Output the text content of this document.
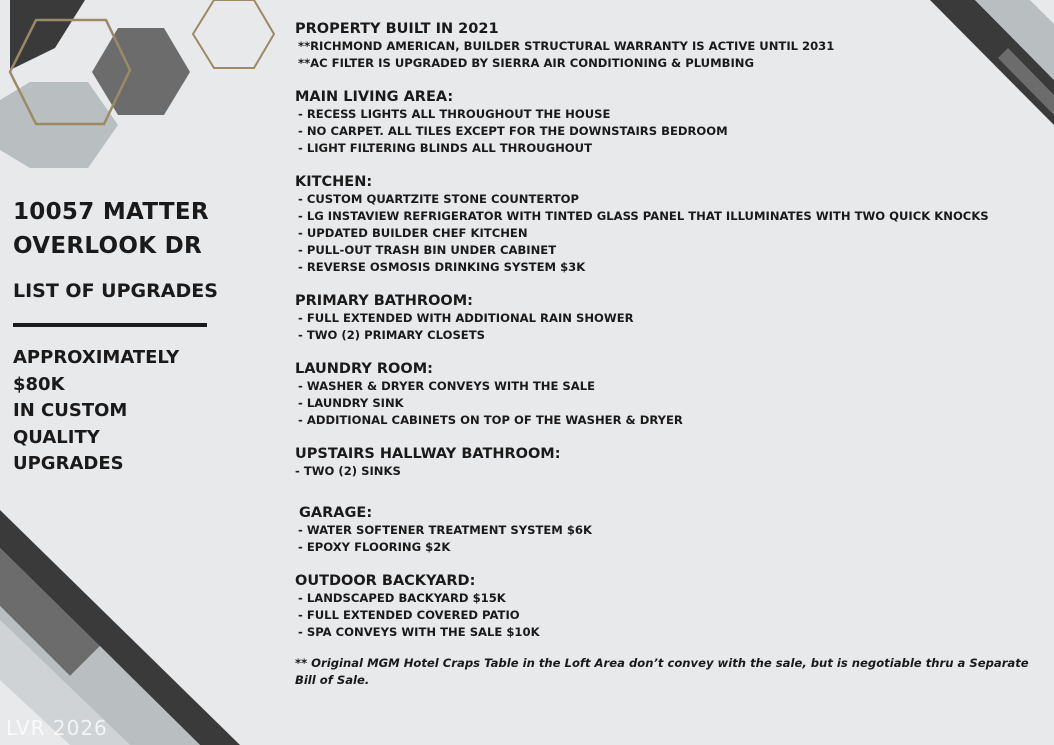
10057 MATTER
OVERLOOK DR
LIST OF UPGRADES
APPROXIMATELY
$80K
IN CUSTOM
QUALITY
UPGRADES
PROPERTY BUILT IN 2021
**RICHMOND AMERICAN, BUILDER STRUCTURAL WARRANTY IS ACTIVE UNTIL 2031
**AC FILTER IS UPGRADED BY SIERRA AIR CONDITIONING & PLUMBING
MAIN LIVING AREA:
- RECESS LIGHTS ALL THROUGHOUT THE HOUSE
- NO CARPET. ALL TILES EXCEPT FOR THE DOWNSTAIRS BEDROOM
- LIGHT FILTERING BLINDS ALL THROUGHOUT
KITCHEN:
- CUSTOM QUARTZITE STONE COUNTERTOP
- LG INSTAVIEW REFRIGERATOR WITH TINTED GLASS PANEL THAT ILLUMINATES WITH TWO QUICK KNOCKS
- UPDATED BUILDER CHEF KITCHEN
- PULL-OUT TRASH BIN UNDER CABINET
- REVERSE OSMOSIS DRINKING SYSTEM $3K
PRIMARY BATHROOM:
- FULL EXTENDED WITH ADDITIONAL RAIN SHOWER
- TWO (2) PRIMARY CLOSETS
LAUNDRY ROOM:
- WASHER & DRYER CONVEYS WITH THE SALE
- LAUNDRY SINK
- ADDITIONAL CABINETS ON TOP OF THE WASHER & DRYER
UPSTAIRS HALLWAY BATHROOM:
- TWO (2) SINKS
GARAGE:
- WATER SOFTENER TREATMENT SYSTEM $6K
- EPOXY FLOORING $2K
OUTDOOR BACKYARD:
- LANDSCAPED BACKYARD $15K
- FULL EXTENDED COVERED PATIO
- SPA CONVEYS WITH THE SALE $10K
** Original MGM Hotel Craps Table in the Loft Area don’t convey with the sale, but is negotiable thru a Separate Bill of Sale.
LVR 2026
